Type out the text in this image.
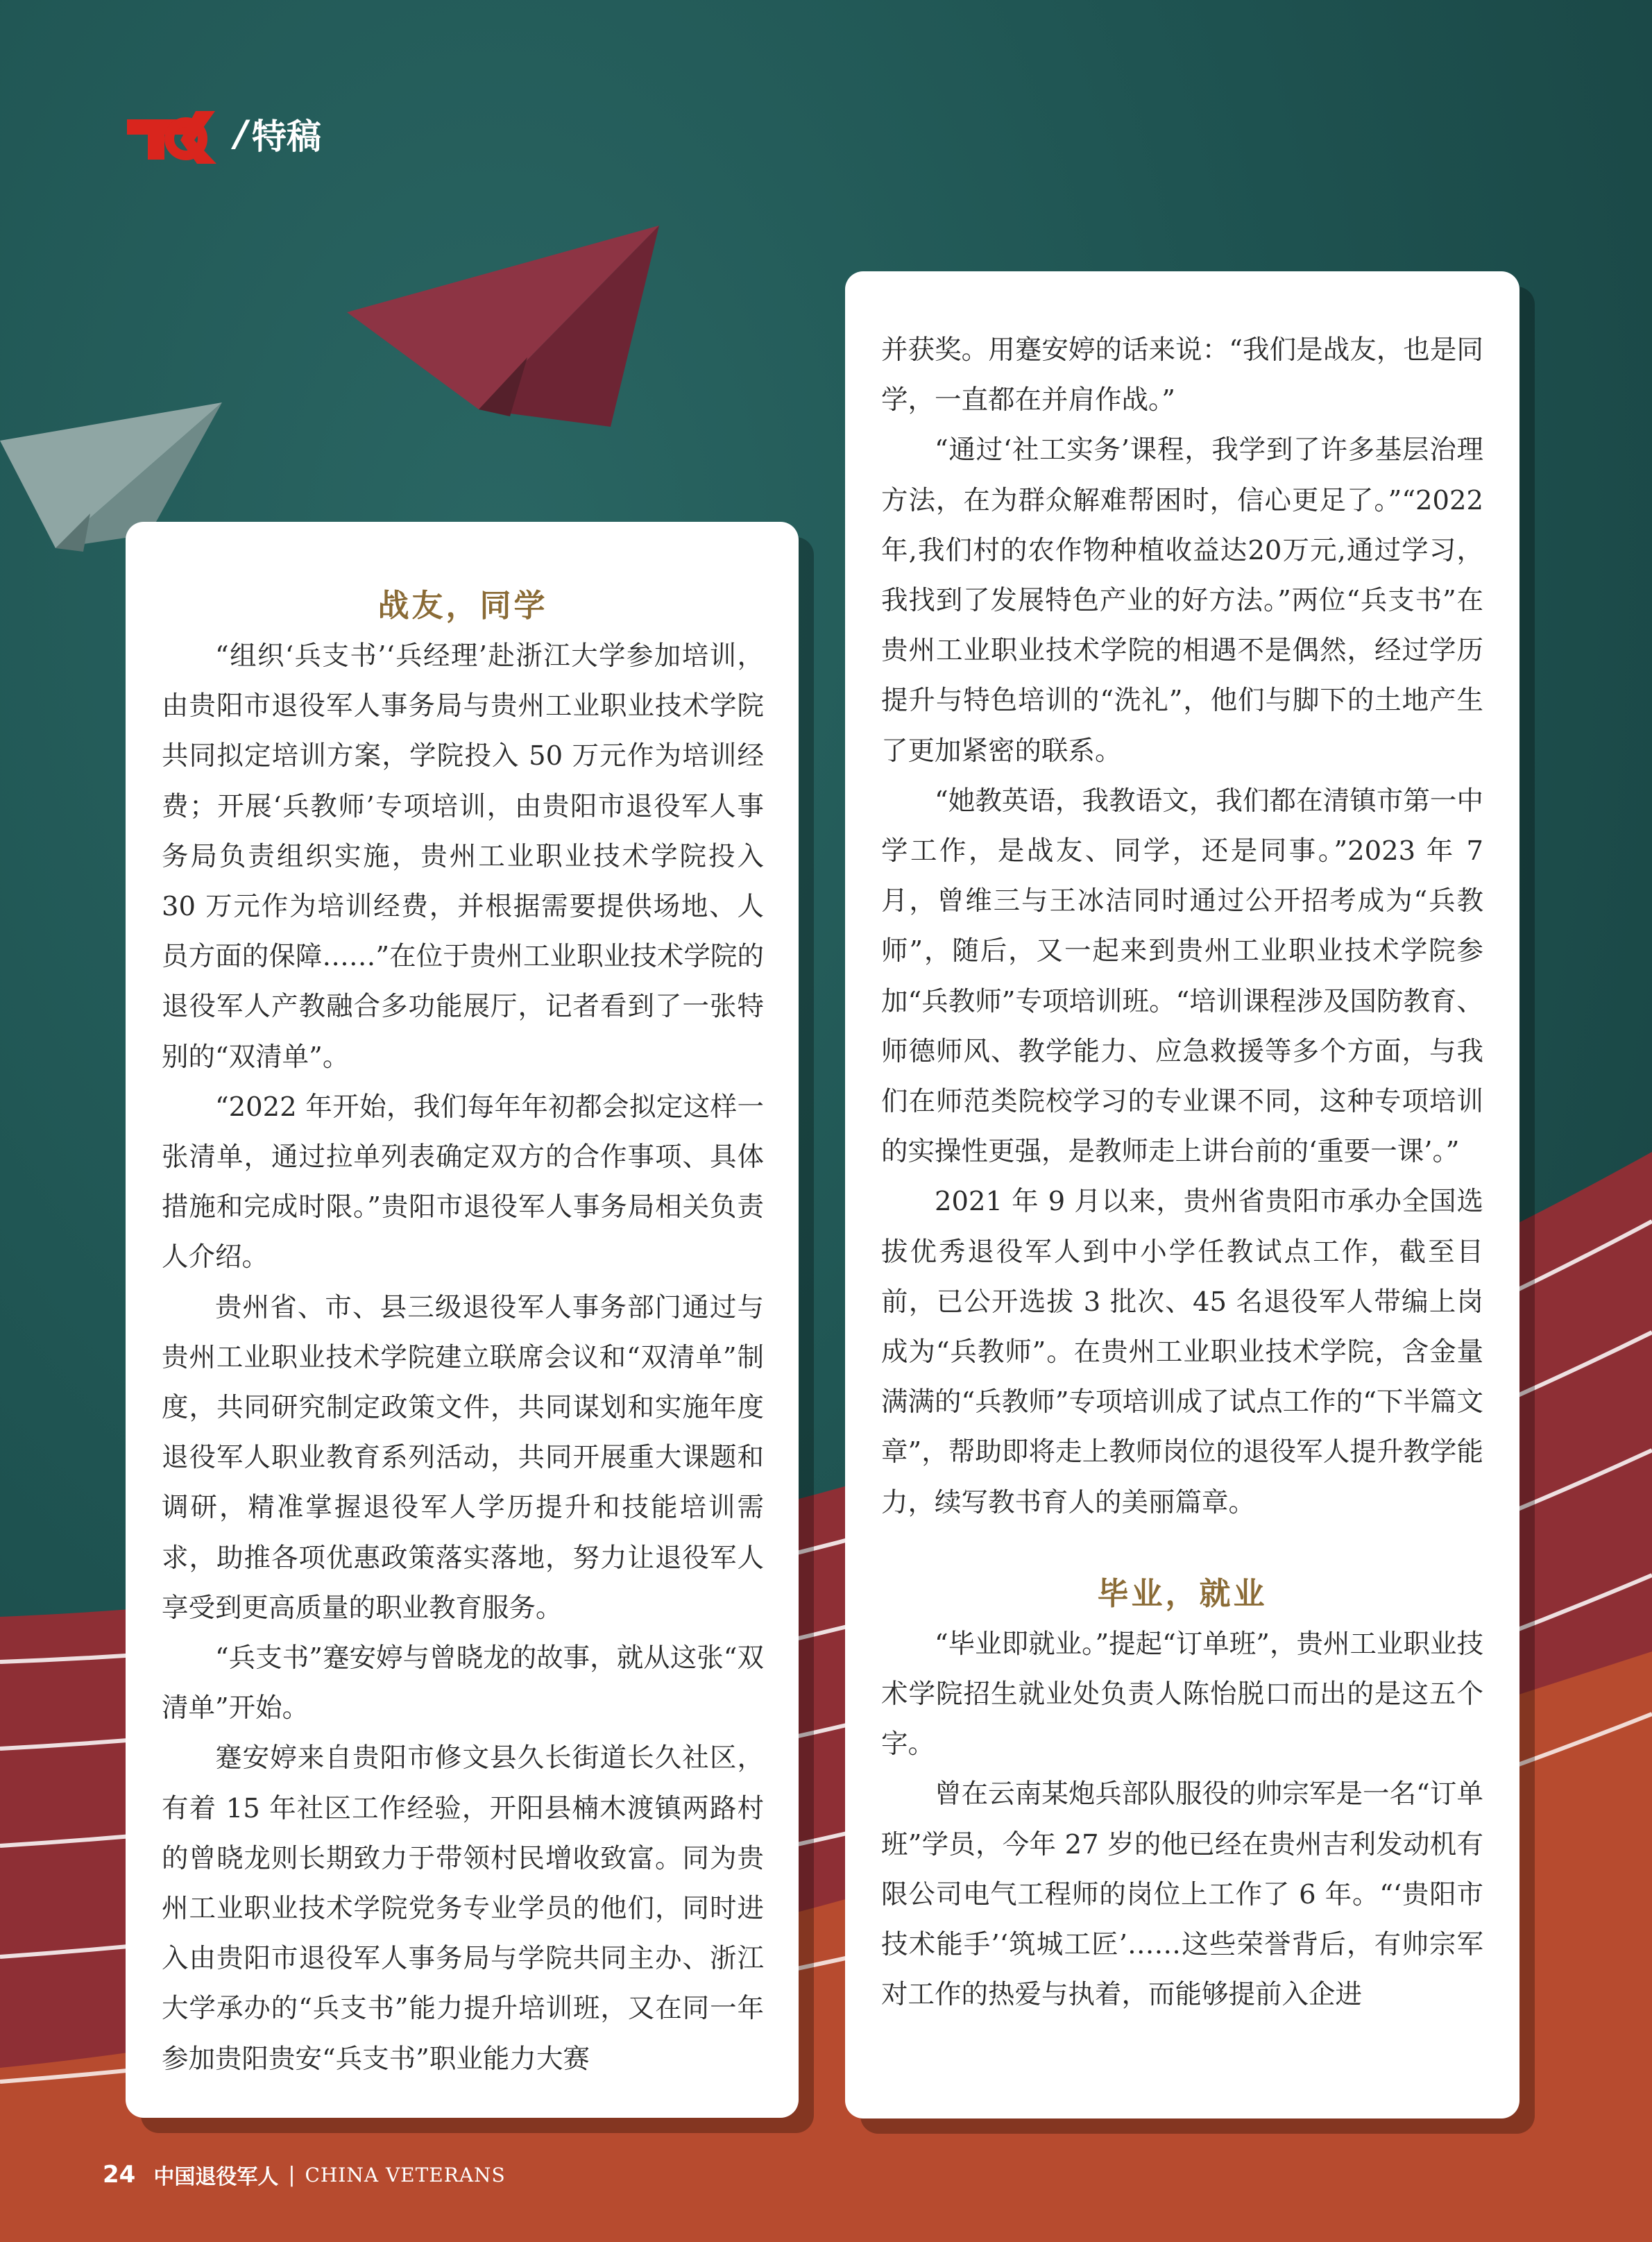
/ 特稿
战友，同学

“组织‘兵支书’‘兵经理’赴浙江大学参加培训，由贵阳市退役军人事务局与贵州工业职业技术学院共同拟定培训方案，学院投入 50 万元作为培训经费；开展‘兵教师’专项培训，由贵阳市退役军人事务局负责组织实施，贵州工业职业技术学院投入 30 万元作为培训经费，并根据需要提供场地、人员方面的保障……”在位于贵州工业职业技术学院的退役军人产教融合多功能展厅，记者看到了一张特别的“双清单”。

“2022 年开始，我们每年年初都会拟定这样一张清单，通过拉单列表确定双方的合作事项、具体措施和完成时限。”贵阳市退役军人事务局相关负责人介绍。

贵州省、市、县三级退役军人事务部门通过与贵州工业职业技术学院建立联席会议和“双清单”制度，共同研究制定政策文件，共同谋划和实施年度退役军人职业教育系列活动，共同开展重大课题和调研，精准掌握退役军人学历提升和技能培训需求，助推各项优惠政策落实落地，努力让退役军人享受到更高质量的职业教育服务。

“兵支书”蹇安婷与曾晓龙的故事，就从这张“双清单”开始。

蹇安婷来自贵阳市修文县久长街道长久社区，有着 15 年社区工作经验，开阳县楠木渡镇两路村的曾晓龙则长期致力于带领村民增收致富。同为贵州工业职业技术学院党务专业学员的他们，同时进入由贵阳市退役军人事务局与学院共同主办、浙江大学承办的“兵支书”能力提升培训班，又在同一年参加贵阳贵安“兵支书”职业能力大赛

并获奖。用蹇安婷的话来说：“我们是战友，也是同学，一直都在并肩作战。”

“通过‘社工实务’课程，我学到了许多基层治理方法，在为群众解难帮困时，信心更足了。”“2022 年,我们村的农作物种植收益达20万元,通过学习，我找到了发展特色产业的好方法。”两位“兵支书”在贵州工业职业技术学院的相遇不是偶然，经过学历提升与特色培训的“洗礼”，他们与脚下的土地产生了更加紧密的联系。

“她教英语，我教语文，我们都在清镇市第一中学工作，是战友、同学，还是同事。”2023 年 7 月，曾维三与王冰洁同时通过公开招考成为“兵教师”，随后，又一起来到贵州工业职业技术学院参加“兵教师”专项培训班。“培训课程涉及国防教育、师德师风、教学能力、应急救援等多个方面，与我们在师范类院校学习的专业课不同，这种专项培训的实操性更强，是教师走上讲台前的‘重要一课’。”

2021 年 9 月以来，贵州省贵阳市承办全国选拔优秀退役军人到中小学任教试点工作，截至目前，已公开选拔 3 批次、45 名退役军人带编上岗成为“兵教师”。在贵州工业职业技术学院，含金量满满的“兵教师”专项培训成了试点工作的“下半篇文章”，帮助即将走上教师岗位的退役军人提升教学能力，续写教书育人的美丽篇章。

毕业，就业

“毕业即就业。”提起“订单班”，贵州工业职业技术学院招生就业处负责人陈怡脱口而出的是这五个字。

曾在云南某炮兵部队服役的帅宗军是一名“订单班”学员，今年 27 岁的他已经在贵州吉利发动机有限公司电气工程师的岗位上工作了 6 年。“‘贵阳市技术能手’‘筑城工匠’……这些荣誉背后，有帅宗军对工作的热爱与执着，而能够提前入企进

24 中国退役军人 | CHINA VETERANS
